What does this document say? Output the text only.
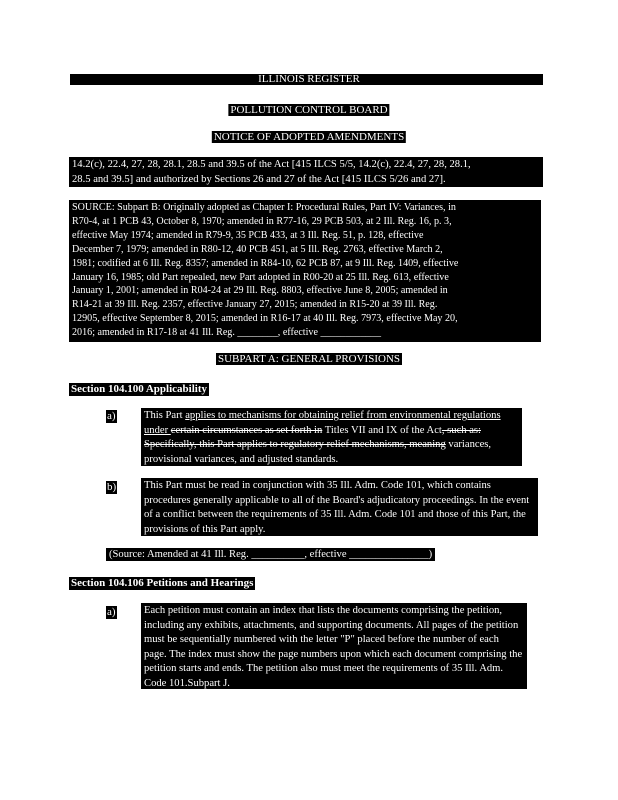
ILLINOIS REGISTER
POLLUTION CONTROL BOARD
NOTICE OF ADOPTED AMENDMENTS

14.2(c), 22.4, 27, 28, 28.1, 28.5 and 39.5 of the Act [415 ILCS 5/5, 14.2(c), 22.4, 27, 28, 28.1,

28.5 and 39.5] and authorized by Sections 26 and 27 of the Act [415 ILCS 5/26 and 27].

SOURCE: Subpart B: Originally adopted as Chapter I: Procedural Rules, Part IV: Variances, in

R70-4, at 1 PCB 43, October 8, 1970; amended in R77-16, 29 PCB 503, at 2 Ill. Reg. 16, p. 3,

effective May 1974; amended in R79-9, 35 PCB 433, at 3 Ill. Reg. 51, p. 128, effective

December 7, 1979; amended in R80-12, 40 PCB 451, at 5 Ill. Reg. 2763, effective March 2,

1981; codified at 6 Ill. Reg. 8357; amended in R84-10, 62 PCB 87, at 9 Ill. Reg. 1409, effective

January 16, 1985; old Part repealed, new Part adopted in R00-20 at 25 Ill. Reg. 613, effective

January 1, 2001; amended in R04-24 at 29 Ill. Reg. 8803, effective June 8, 2005; amended in

R14-21 at 39 Ill. Reg. 2357, effective January 27, 2015; amended in R15-20 at 39 Ill. Reg.

12905, effective September 8, 2015; amended in R16-17 at 40 Ill. Reg. 7973, effective May 20,

2016; amended in R17-18 at 41 Ill. Reg. ________, effective ____________

SUBPART A: GENERAL PROVISIONS
Section 104.100 Applicability
a)	This Part applies to mechanisms for obtaining relief from environmental regulations under certain circumstances as set forth in Titles VII and IX of the Act, such as: Specifically, this Part applies to regulatory relief mechanisms, meaning variances, provisional variances, and adjusted standards.

b)	This Part must be read in conjunction with 35 Ill. Adm. Code 101, which contains procedures generally applicable to all of the Board's adjudicatory proceedings. In the event of a conflict between the requirements of 35 Ill. Adm. Code 101 and those of this Part, the provisions of this Part apply.

(Source: Amended at 41 Ill. Reg. __________, effective _______________)
Section 104.106 Petitions and Hearings
a)	Each petition must contain an index that lists the documents comprising the petition, including any exhibits, attachments, and supporting documents. All pages of the petition must be sequentially numbered with the letter "P" placed before the number of each page. The index must show the page numbers upon which each document comprising the petition starts and ends. The petition also must meet the requirements of 35 Ill. Adm. Code 101.Subpart J.
